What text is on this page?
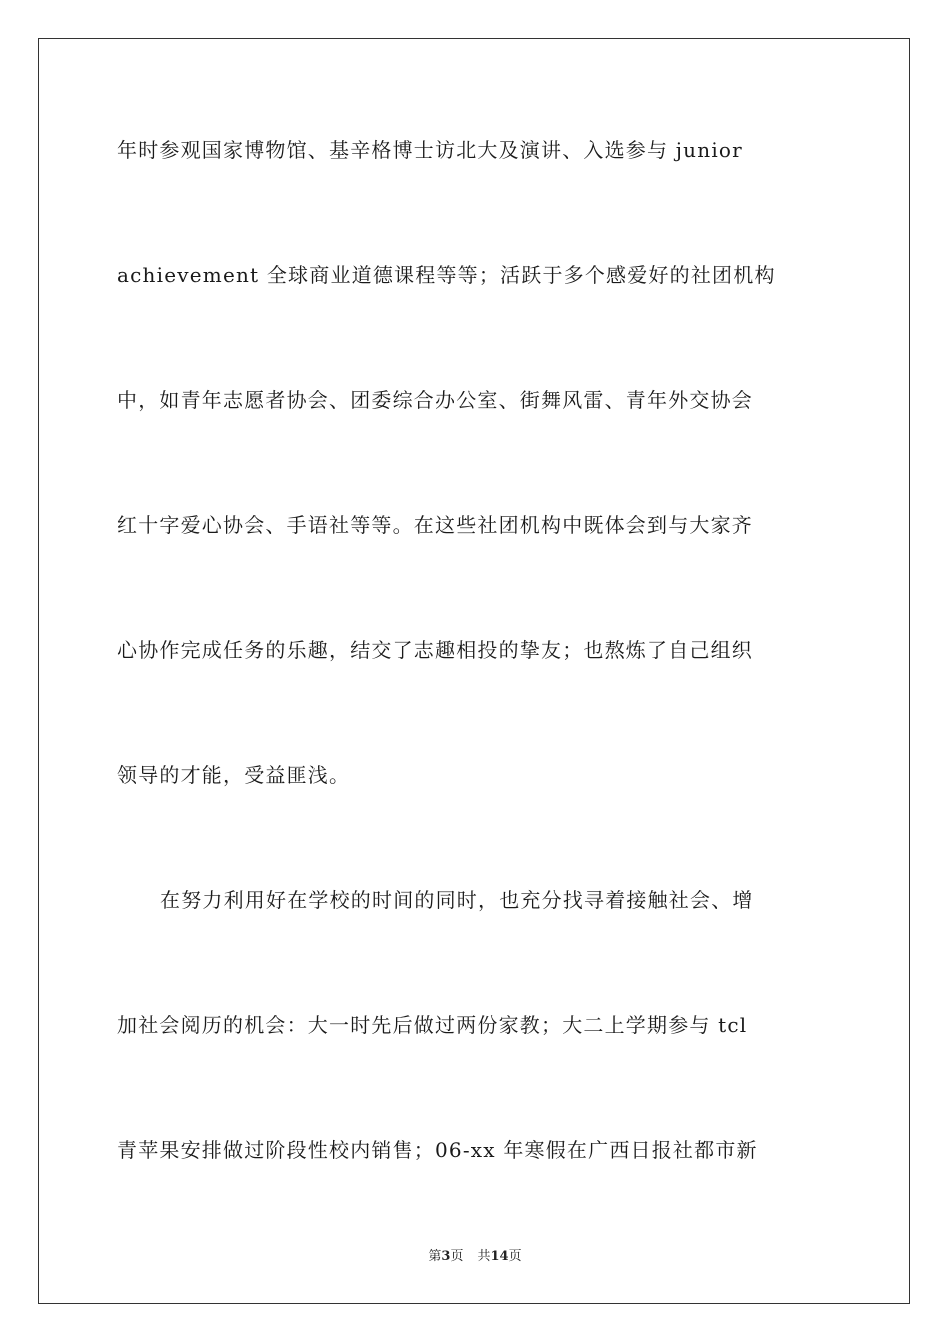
年时参观国家博物馆、基辛格博士访北大及演讲、入选参与 junior
achievement 全球商业道德课程等等；活跃于多个感爱好的社团机构
中，如青年志愿者协会、团委综合办公室、街舞风雷、青年外交协会
红十字爱心协会、手语社等等。在这些社团机构中既体会到与大家齐
心协作完成任务的乐趣，结交了志趣相投的挚友；也熬炼了自己组织
领导的才能，受益匪浅。
在努力利用好在学校的时间的同时，也充分找寻着接触社会、增
加社会阅历的机会：大一时先后做过两份家教；大二上学期参与 tcl
青苹果安排做过阶段性校内销售；06-xx 年寒假在广西日报社都市新
第3页 共14页
